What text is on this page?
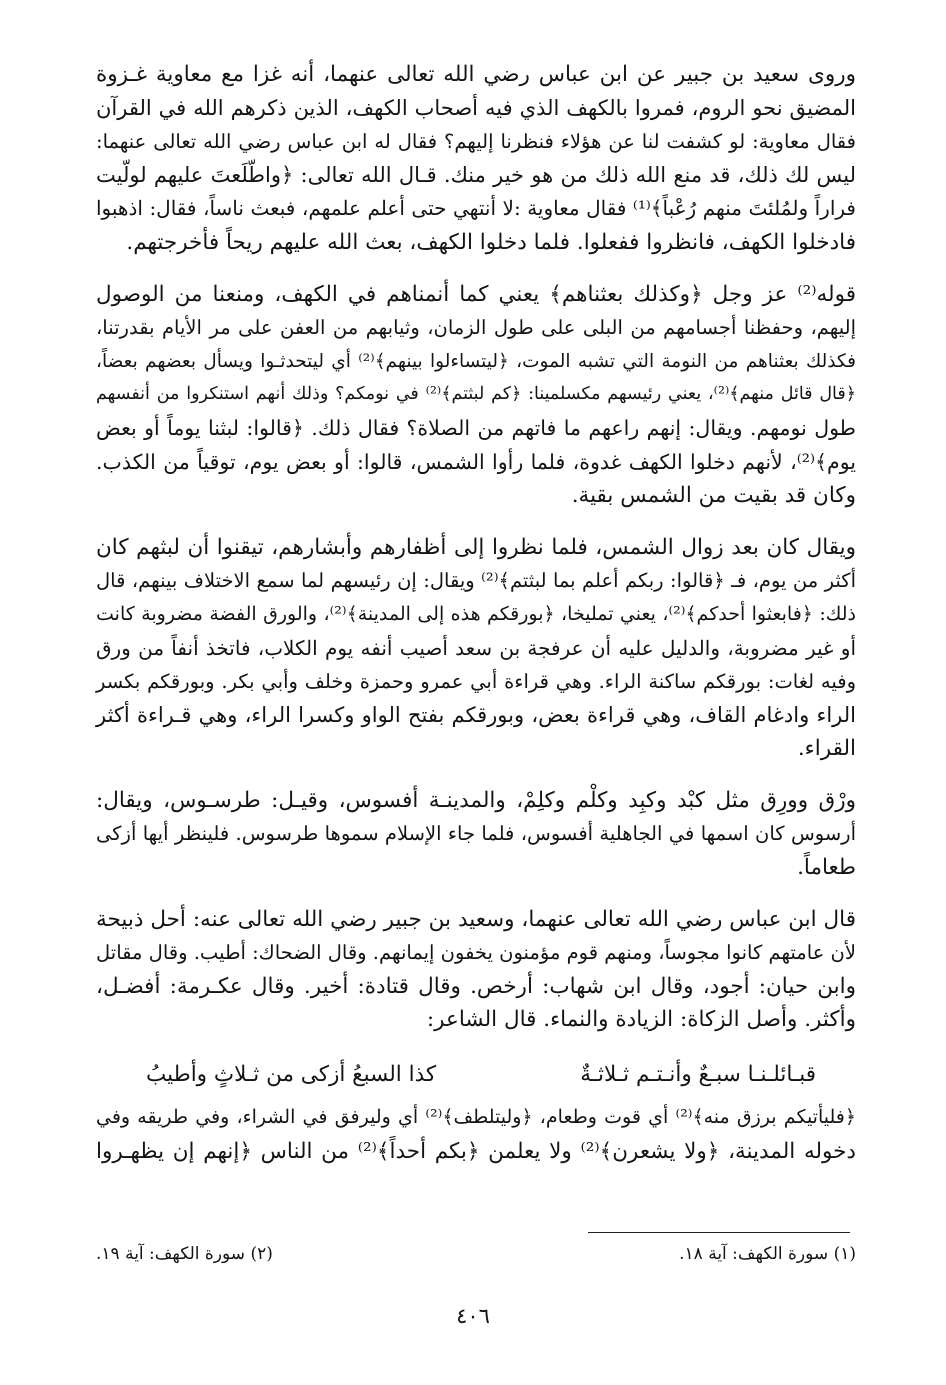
وروى سعيد بن جبير عن ابن عباس رضي الله تعالى عنهما، أنه غزا مع معاوية غـزوة
المضيق نحو الروم، فمروا بالكهف الذي فيه أصحاب الكهف، الذين ذكرهم الله في القرآن
فقال معاوية: لو كشفت لنا عن هؤلاء فنظرنا إليهم؟ فقال له ابن عباس رضي الله تعالى عنهما:
ليس لك ذلك، قد منع الله ذلك من هو خير منك. قـال الله تعالى: ﴿واطّلَعتَ عليهم لولّيت
فراراً ولمُلئتَ منهم رُعْباً﴾⁽¹⁾ فقال معاوية :لا أنتهي حتى أعلم علمهم، فبعث ناساً، فقال: اذهبوا
فادخلوا الكهف، فانظروا ففعلوا. فلما دخلوا الكهف، بعث الله عليهم ريحاً فأخرجتهم.
قوله⁽²⁾ عز وجل ﴿وكذلك بعثناهم﴾ يعني كما أنمناهم في الكهف، ومنعنا من الوصول
إليهم، وحفظنا أجسامهم من البلى على طول الزمان، وثيابهم من العفن على مر الأيام بقدرتنا،
فكذلك بعثناهم من النومة التي تشبه الموت، ﴿ليتساءلوا بينهم﴾⁽²⁾ أي ليتحدثـوا ويسأل بعضهم بعضاً،
﴿قال قائل منهم﴾⁽²⁾، يعني رئيسهم مكسلمينا: ﴿كم لبثتم﴾⁽²⁾ في نومكم؟ وذلك أنهم استنكروا من أنفسهم
طول نومهم. ويقال: إنهم راعهم ما فاتهم من الصلاة؟ فقال ذلك. ﴿قالوا: لبثنا يوماً أو بعض
يوم﴾⁽²⁾، لأنهم دخلوا الكهف غدوة، فلما رأوا الشمس، قالوا: أو بعض يوم، توقياً من الكذب.
وكان قد بقيت من الشمس بقية.
ويقال كان بعد زوال الشمس، فلما نظروا إلى أظفارهم وأبشارهم، تيقنوا أن لبثهم كان
أكثر من يوم، فـ ﴿قالوا: ربكم أعلم بما لبثتم﴾⁽²⁾ ويقال: إن رئيسهم لما سمع الاختلاف بينهم، قال
ذلك: ﴿فابعثوا أحدكم﴾⁽²⁾، يعني تمليخا، ﴿بورقكم هذه إلى المدينة﴾⁽²⁾، والورق الفضة مضروبة كانت
أو غير مضروبة، والدليل عليه أن عرفجة بن سعد أصيب أنفه يوم الكلاب، فاتخذ أنفاً من ورق
وفيه لغات: بورقكم ساكنة الراء. وهي قراءة أبي عمرو وحمزة وخلف وأبي بكر. وبورقكم بكسر
الراء وادغام القاف، وهي قراءة بعض، وبورقكم بفتح الواو وكسرا الراء، وهي قـراءة أكثر
القراء.
ورْق وورِق مثل كبْد وكبِد وكلْم وكلِمْ، والمدينـة أفسوس، وقيـل: طرسـوس، ويقال:
أرسوس كان اسمها في الجاهلية أفسوس، فلما جاء الإسلام سموها طرسوس. فلينظر أيها أزكى
طعاماً.
قال ابن عباس رضي الله تعالى عنهما، وسعيد بن جبير رضي الله تعالى عنه: أحل ذبيحة
لأن عامتهم كانوا مجوساً، ومنهم قوم مؤمنون يخفون إيمانهم. وقال الضحاك: أطيب. وقال مقاتل
وابن حيان: أجود، وقال ابن شهاب: أرخص. وقال قتادة: أخير. وقال عكـرمة: أفضـل،
وأكثر. وأصل الزكاة: الزيادة والنماء. قال الشاعر:
قبـائلـنـا سبـعٌ وأنـتـم ثـلاثـةٌ
كذا السبعُ أزكى من ثـلاثٍ وأطيبُ
﴿فليأتيكم برزق منه﴾⁽²⁾ أي قوت وطعام، ﴿وليتلطف﴾⁽²⁾ أي وليرفق في الشراء، وفي طريقه وفي
دخوله المدينة، ﴿ولا يشعرن﴾⁽²⁾ ولا يعلمن ﴿بكم أحداً﴾⁽²⁾ من الناس ﴿إنهم إن يظهـروا
(١) سورة الكهف: آية ١٨.
(٢) سورة الكهف: آية ١٩.
٤٠٦
